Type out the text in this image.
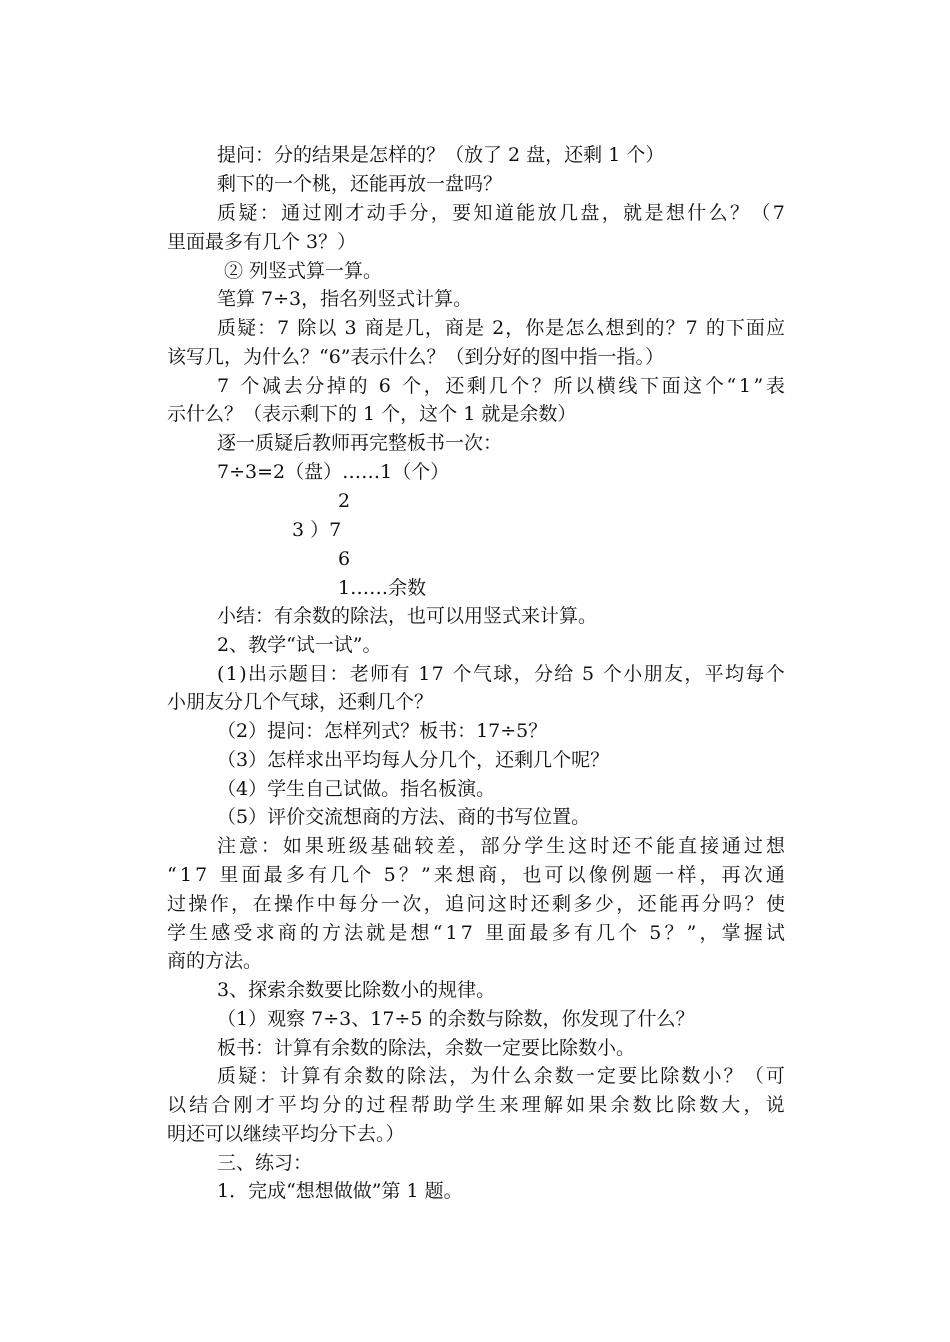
提问：分的结果是怎样的？（放了 2 盘，还剩 1 个）
剩下的一个桃，还能再放一盘吗？
质 疑 ： 通 过 刚 才 动 手 分 ， 要 知 道 能 放 几 盘 ， 就 是 想 什 么 ？ （ 7
里面最多有几个 3？）
② 列竖式算一算。
笔算 7÷3，指名列竖式计算。
质 疑 ： 7
除 以
3
商 是 几 ， 商 是
2 ， 你 是 怎 么 想 到 的 ？ 7
的 下 面 应
该写几，为什么？“6”表示什么？（到分好的图中指一指。）
7
个 减 去 分 掉 的
6
个 ， 还 剩 几 个 ？ 所 以 横 线 下 面 这 个 “ 1 ” 表
示什么？（表示剩下的 1 个，这个 1 就是余数）
逐一质疑后教师再完整板书一次：
7÷3=2（盘）……1（个）
2
3 ）7
6
1……余数
小结：有余数的除法，也可以用竖式来计算。
2、教学“试一试”。
( 1 ) 出 示 题 目 ： 老 师 有
1 7
个 气 球 ， 分 给
5
个 小 朋 友 ， 平 均 每 个
小朋友分几个气球，还剩几个？
（2）提问：怎样列式？板书：17÷5？
（3）怎样求出平均每人分几个，还剩几个呢？
（4）学生自己试做。指名板演。
（5）评价交流想商的方法、商的书写位置。
注 意 ： 如 果 班 级 基 础 较 差 ， 部 分 学 生 这 时 还 不 能 直 接 通 过 想
“ 1 7
里 面 最 多 有 几 个
5 ？ ” 来 想 商 ， 也 可 以 像 例 题 一 样 ， 再 次 通
过 操 作 ， 在 操 作 中 每 分 一 次 ， 追 问 这 时 还 剩 多 少 ， 还 能 再 分 吗 ？ 使
学 生 感 受 求 商 的 方 法 就 是 想 “ 1 7
里 面 最 多 有 几 个
5 ？ ” ， 掌 握 试
商的方法。
3、探索余数要比除数小的规律。
（1）观察 7÷3、17÷5 的余数与除数，你发现了什么？
板书：计算有余数的除法，余数一定要比除数小。
质 疑 ： 计 算 有 余 数 的 除 法 ， 为 什 么 余 数 一 定 要 比 除 数 小 ？ （ 可
以 结 合 刚 才 平 均 分 的 过 程 帮 助 学 生 来 理 解 如 果 余 数 比 除 数 大 ， 说
明还可以继续平均分下去。）
三、练习：
1．完成“想想做做”第 1 题。
